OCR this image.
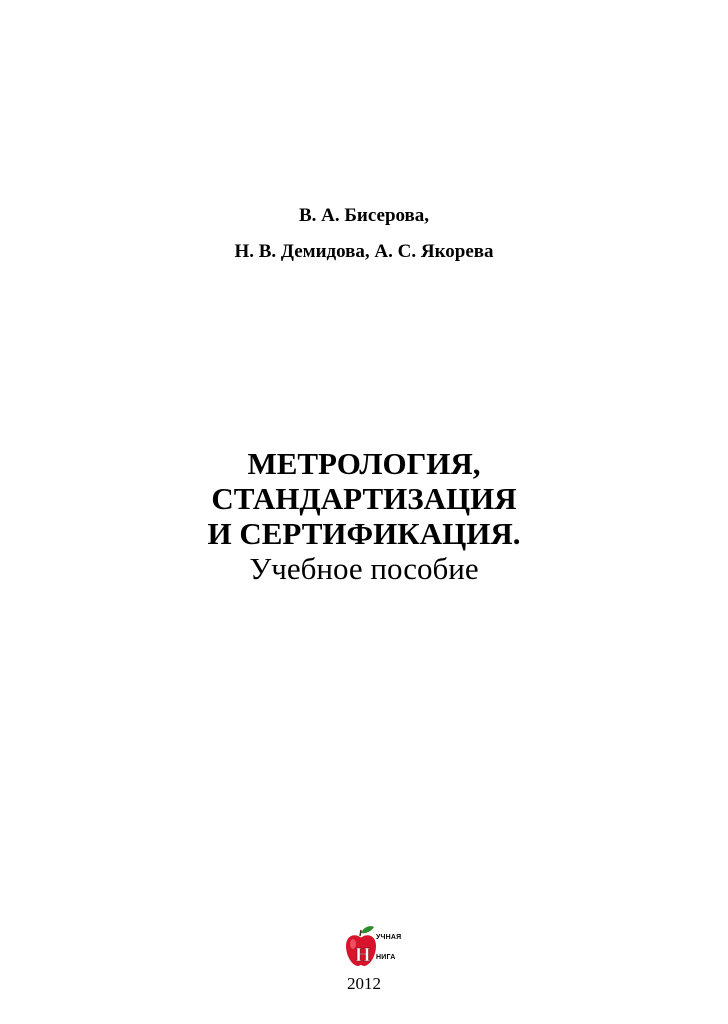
В. А. Бисерова,
Н. В. Демидова, А. С. Якорева
МЕТРОЛОГИЯ,
СТАНДАРТИЗАЦИЯ
И СЕРТИФИКАЦИЯ.
Учебное пособие
Н
УЧНАЯ
НИГА
2012
